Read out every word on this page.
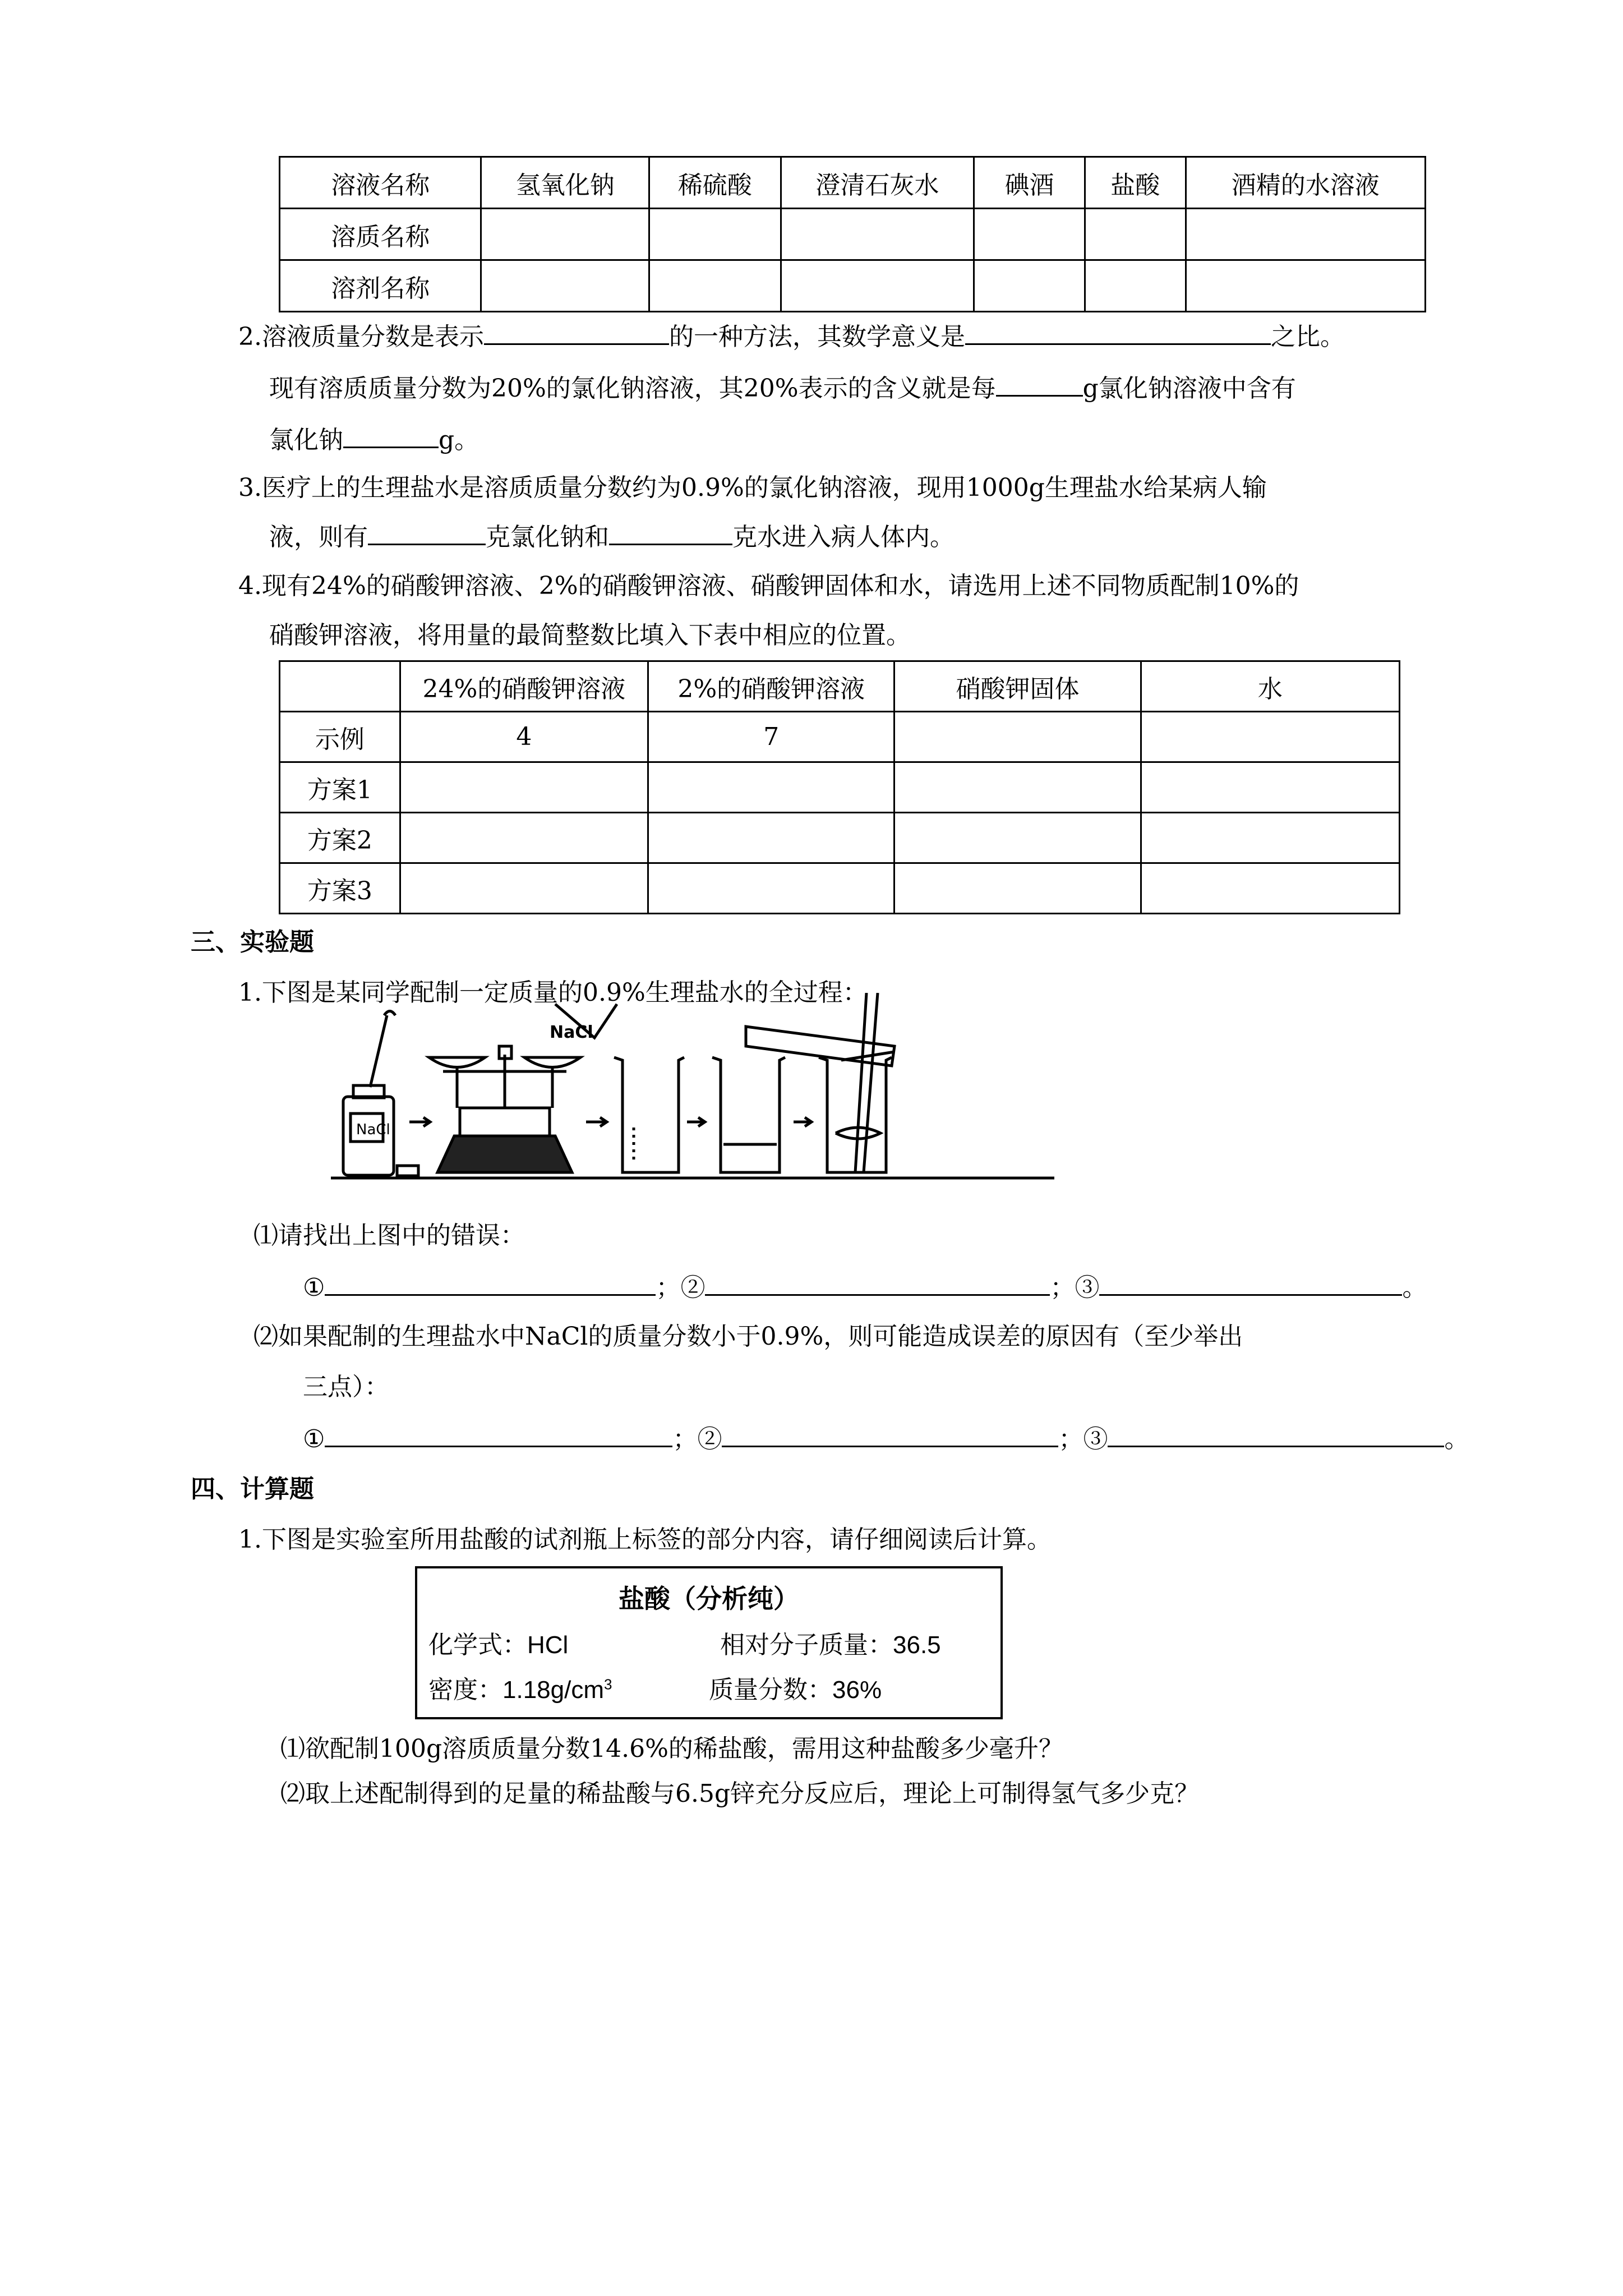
溶液名称	氢氧化钠	稀硫酸	澄清石灰水	碘酒	盐酸	酒精的水溶液
溶质名称						
溶剂名称						
2.溶液质量分数是表示	的一种方法，其数学意义是	之比。
现有溶质质量分数为20%的氯化钠溶液，其20%表示的含义就是每	g氯化钠溶液中含有
氯化钠	g。
3.医疗上的生理盐水是溶质质量分数约为0.9%的氯化钠溶液，现用1000g生理盐水给某病人输
液，则有	克氯化钠和	克水进入病人体内。
4.现有24%的硝酸钾溶液、2%的硝酸钾溶液、硝酸钾固体和水，请选用上述不同物质配制10%的
硝酸钾溶液，将用量的最简整数比填入下表中相应的位置。
	24%的硝酸钾溶液	2%的硝酸钾溶液	硝酸钾固体	水
示例	4	7		
方案1				
方案2				
方案3				
三、实验题
1.下图是某同学配制一定质量的0.9%生理盐水的全过程：
NaCl
NaCl
⑴请找出上图中的错误：
①	；②	；③	。
⑵如果配制的生理盐水中NaCl的质量分数小于0.9%，则可能造成误差的原因有（至少举出
三点）：
①	；②	；③	。
四、计算题
1.下图是实验室所用盐酸的试剂瓶上标签的部分内容，请仔细阅读后计算。
盐酸（分析纯）
化学式：HCl	相对分子质量：36.5
密度：$1.18g/cm^3$	质量分数：36%
⑴欲配制100g溶质质量分数14.6%的稀盐酸，需用这种盐酸多少毫升？
⑵取上述配制得到的足量的稀盐酸与6.5g锌充分反应后，理论上可制得氢气多少克？
